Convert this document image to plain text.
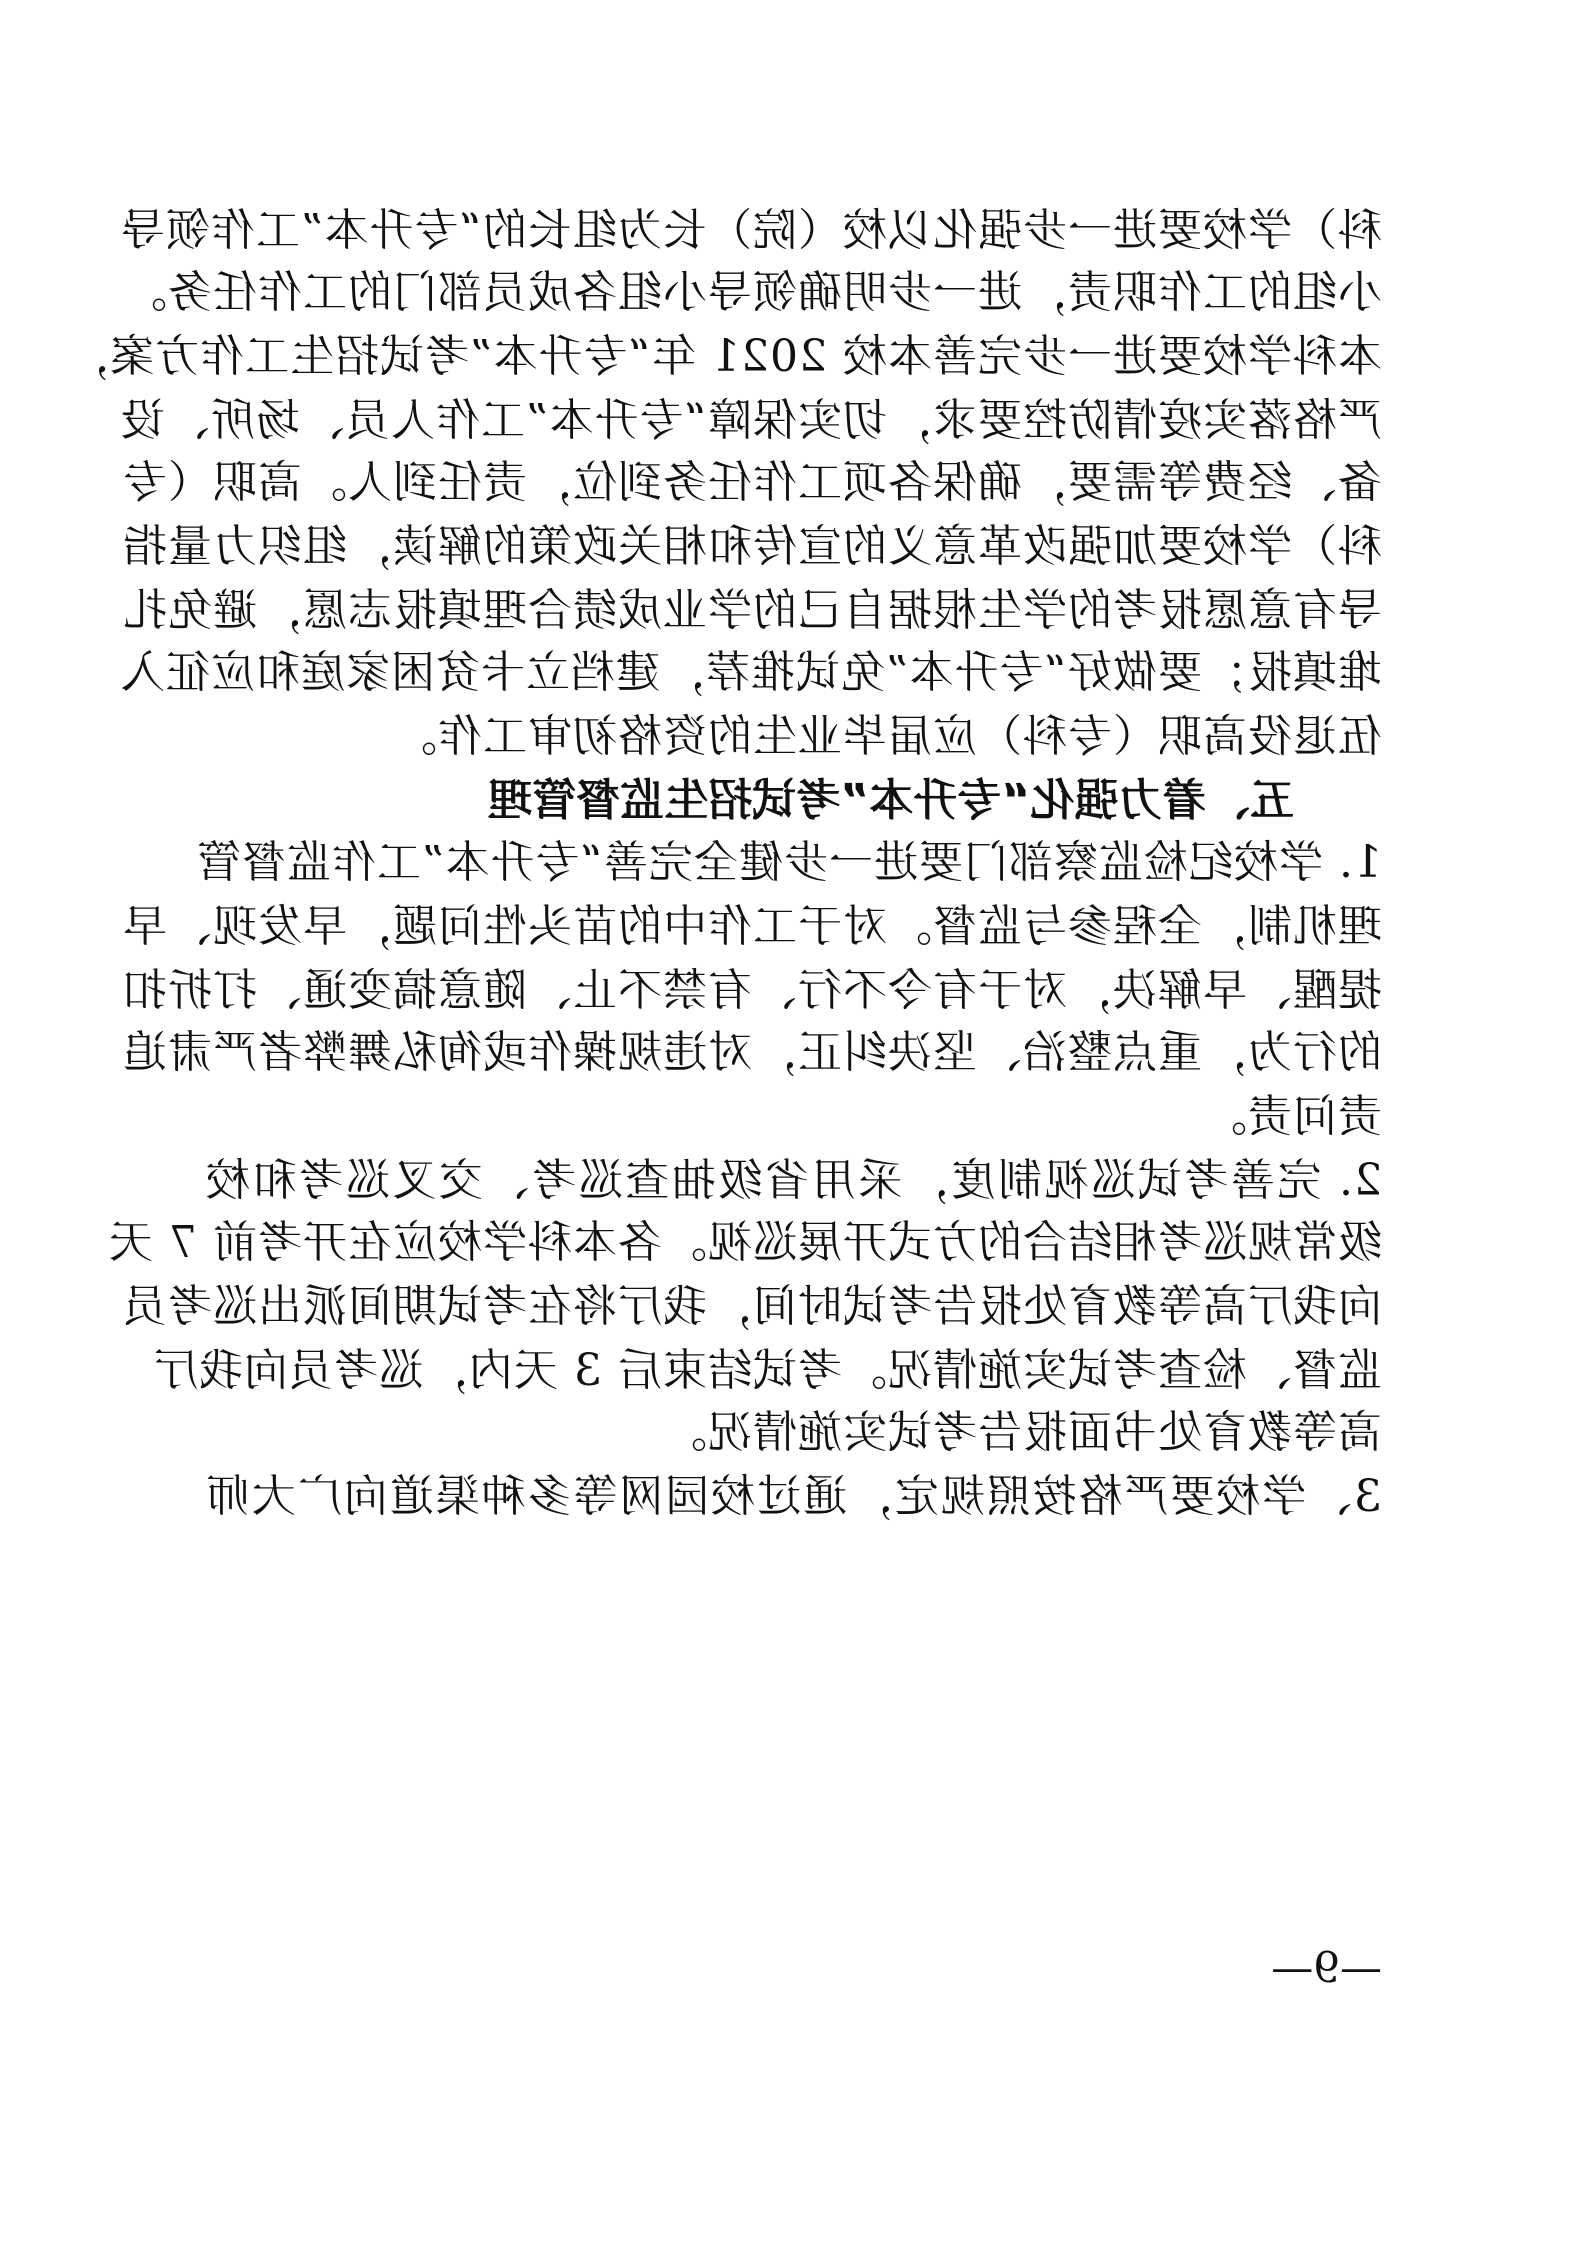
科）学校要进一步强化以校（院）长为组长的“专升本”工作领导

小组的工作职责，进一步明确领导小组各成员部门的工作任务。

本科学校要进一步完善本校 2021 年“专升本”考试招生工作方案，

严格落实疫情防控要求，切实保障“专升本”工作人员、场所、设

备、经费等需要，确保各项工作任务到位，责任到人。高职（专

科）学校要加强改革意义的宣传和相关政策的解读，组织力量指

导有意愿报考的学生根据自己的学业成绩合理填报志愿，避免扎

堆填报；要做好“专升本”免试推荐，建档立卡贫困家庭和应征入

伍退役高职（专科）应届毕业生的资格初审工作。

五、着力强化“专升本”考试招生监督管理

1. 学校纪检监察部门要进一步健全完善“专升本”工作监督管

理机制，全程参与监督。对于工作中的苗头性问题，早发现、早

提醒、早解决，对于有令不行、有禁不止、随意搞变通、打折扣

的行为，重点整治、坚决纠正，对违规操作或徇私舞弊者严肃追

责问责。

2. 完善考试巡视制度，采用省级抽查巡考、交叉巡考和校

级常规巡考相结合的方式开展巡视。各本科学校应在开考前 7 天

向我厅高等教育处报告考试时间，我厅将在考试期间派出巡考员

监督、检查考试实施情况。考试结束后 3 天内，巡考员向我厅

高等教育处书面报告考试实施情况。

3、学校要严格按照规定，通过校园网等多种渠道向广大师

—9—
